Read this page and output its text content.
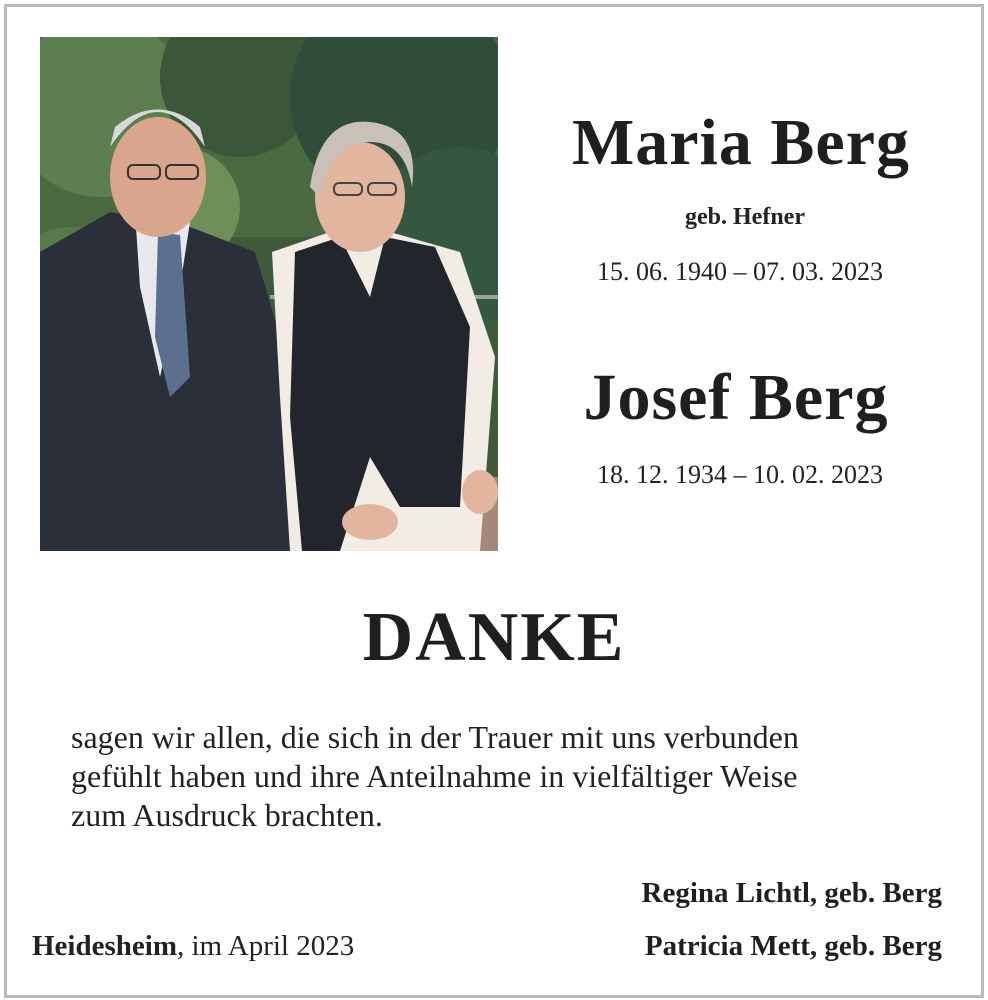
Maria Berg
geb. Hefner
15. 06. 1940 – 07. 03. 2023
Josef Berg
18. 12. 1934 – 10. 02. 2023
DANKE

sagen wir allen, die sich in der Trauer mit uns verbunden

gefühlt haben und ihre Anteilnahme in vielfältiger Weise

zum Ausdruck brachten.

Regina Lichtl, geb. Berg
Patricia Mett, geb. Berg
Heidesheim, im April 2023
